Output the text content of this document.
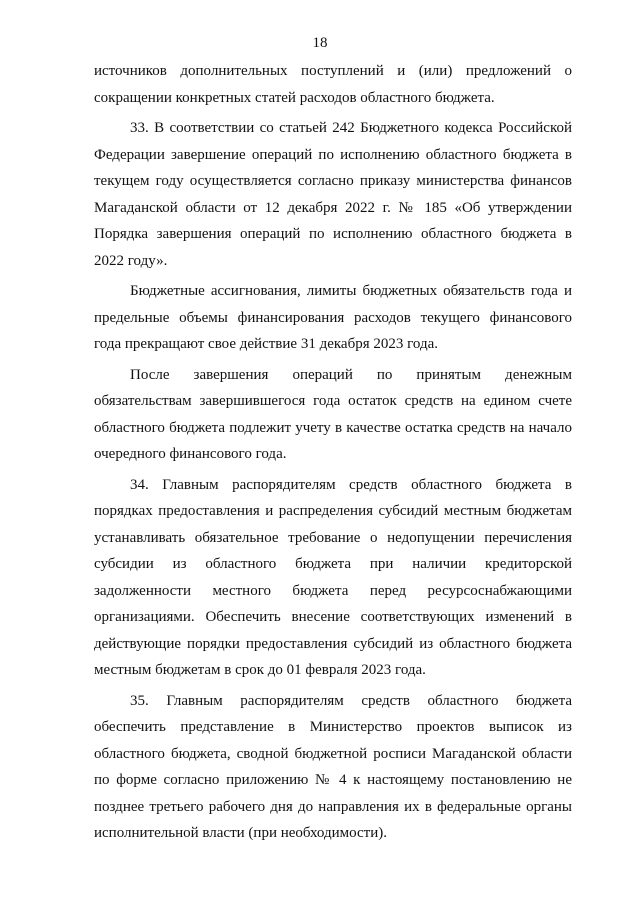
18

источников дополнительных поступлений и (или) предложений о сокращении конкретных статей расходов областного бюджета.

33. В соответствии со статьей 242 Бюджетного кодекса Российской Федерации завершение операций по исполнению областного бюджета в текущем году осуществляется согласно приказу министерства финансов Магаданской области от 12 декабря 2022 г. № 185 «Об утверждении Порядка завершения операций по исполнению областного бюджета в 2022 году».

Бюджетные ассигнования, лимиты бюджетных обязательств года и предельные объемы финансирования расходов текущего финансового года прекращают свое действие 31 декабря 2023 года.

После завершения операций по принятым денежным обязательствам завершившегося года остаток средств на едином счете областного бюджета подлежит учету в качестве остатка средств на начало очередного финансового года.

34. Главным распорядителям средств областного бюджета в порядках предоставления и распределения субсидий местным бюджетам устанавливать обязательное требование о недопущении перечисления субсидии из областного бюджета при наличии кредиторской задолженности местного бюджета перед ресурсоснабжающими организациями. Обеспечить внесение соответствующих изменений в действующие порядки предоставления субсидий из областного бюджета местным бюджетам в срок до 01 февраля 2023 года.

35. Главным распорядителям средств областного бюджета обеспечить представление в Министерство проектов выписок из областного бюджета, сводной бюджетной росписи Магаданской области по форме согласно приложению № 4 к настоящему постановлению не позднее третьего рабочего дня до направления их в федеральные органы исполнительной власти (при необходимости).
